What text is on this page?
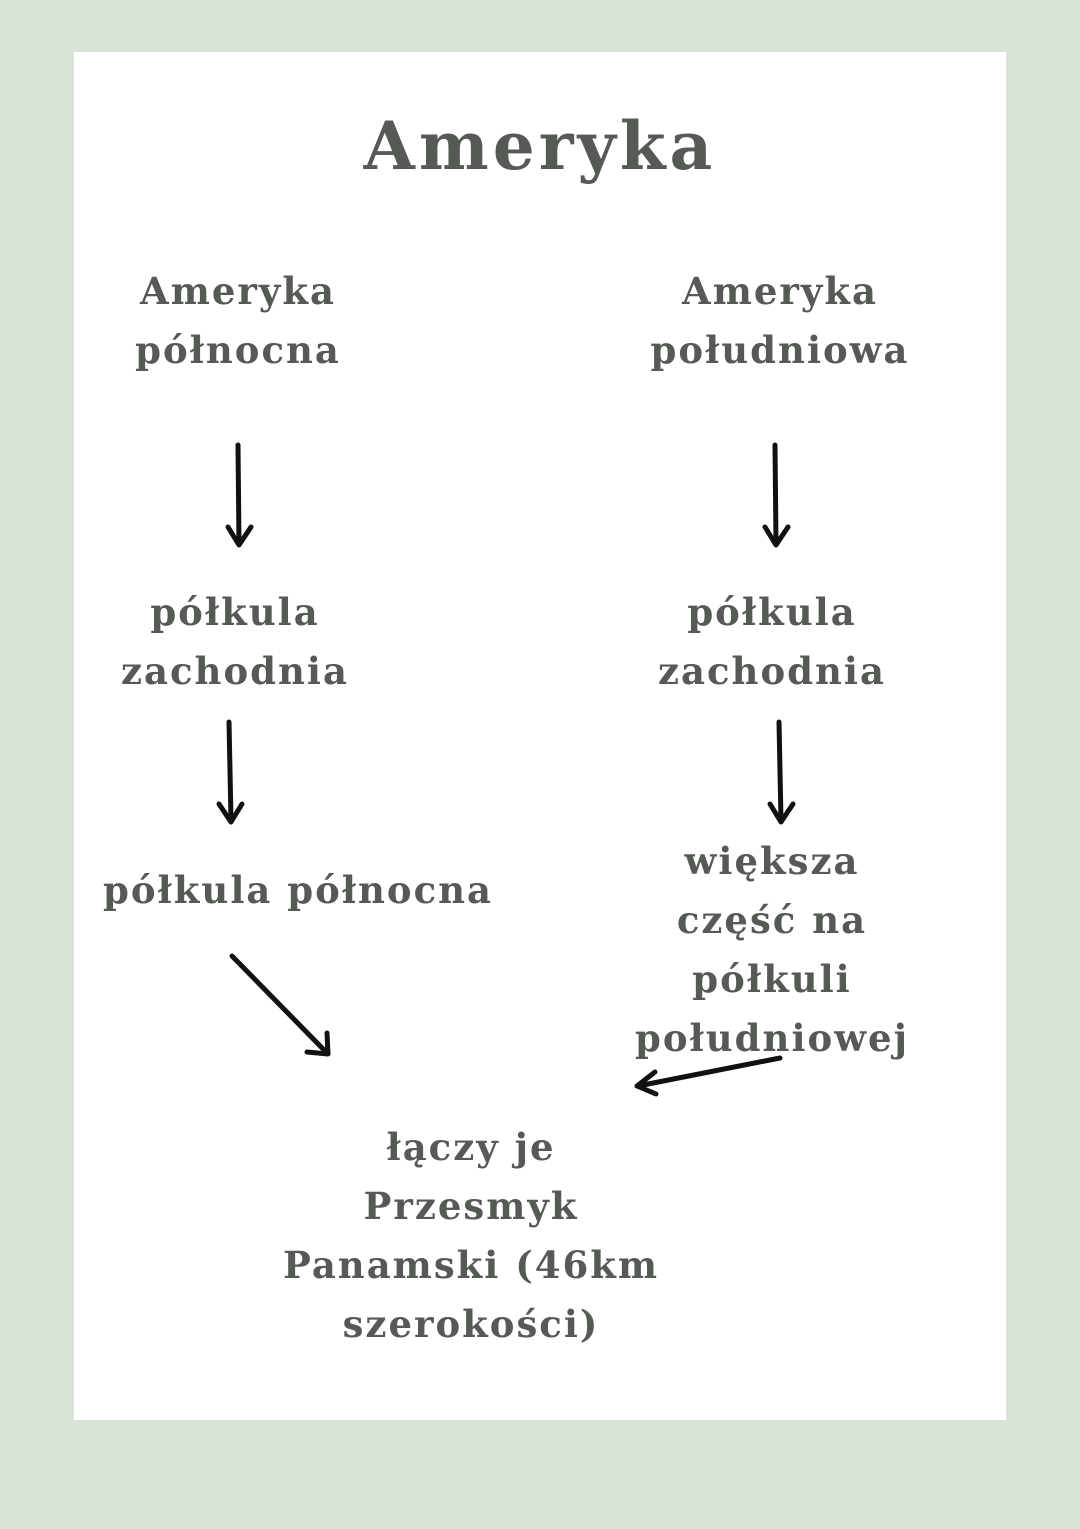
Ameryka
Ameryka
północna
Ameryka
południowa
półkula
zachodnia
półkula
zachodnia
półkula północna
większa część na
półkuli
południowej
łączy je
Przesmyk
Panamski (46km
szerokości)
